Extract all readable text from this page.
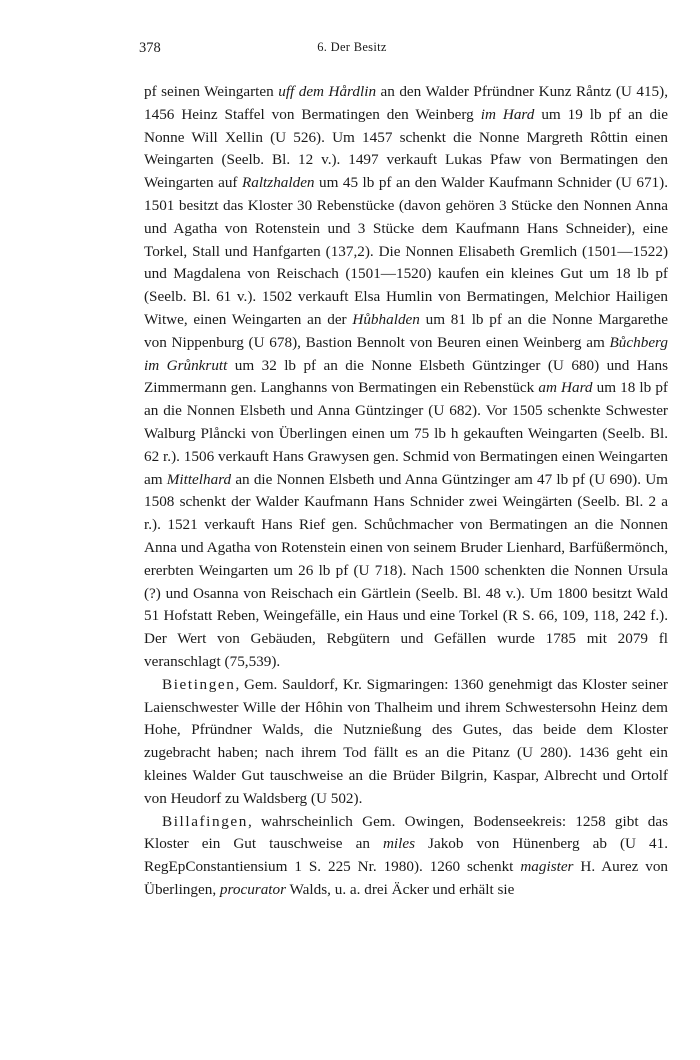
378	6. Der Besitz

pf seinen Weingarten uff dem Hårdlin an den Walder Pfründner Kunz Råntz (U 415), 1456 Heinz Staffel von Bermatingen den Weinberg im Hard um 19 lb pf an die Nonne Will Xellin (U 526). Um 1457 schenkt die Nonne Margreth Rôttin einen Weingarten (Seelb. Bl. 12 v.). 1497 verkauft Lukas Pfaw von Bermatingen den Weingarten auf Raltzhalden um 45 lb pf an den Walder Kaufmann Schnider (U 671). 1501 besitzt das Kloster 30 Rebenstücke (davon gehören 3 Stücke den Nonnen Anna und Agatha von Rotenstein und 3 Stücke dem Kaufmann Hans Schneider), eine Torkel, Stall und Hanfgarten (137,2). Die Nonnen Elisabeth Gremlich (1501—1522) und Magdalena von Reischach (1501—1520) kaufen ein kleines Gut um 18 lb pf (Seelb. Bl. 61 v.). 1502 verkauft Elsa Humlin von Bermatingen, Melchior Hailigen Witwe, einen Weingarten an der Hůbhalden um 81 lb pf an die Nonne Margarethe von Nippenburg (U 678), Bastion Bennolt von Beuren einen Weinberg am Bůchberg im Grůnkrutt um 32 lb pf an die Nonne Elsbeth Güntzinger (U 680) und Hans Zimmermann gen. Langhanns von Bermatingen ein Rebenstück am Hard um 18 lb pf an die Nonnen Elsbeth und Anna Güntzinger (U 682). Vor 1505 schenkte Schwester Walburg Plåncki von Überlingen einen um 75 lb h gekauften Weingarten (Seelb. Bl. 62 r.). 1506 verkauft Hans Grawysen gen. Schmid von Bermatingen einen Weingarten am Mittelhard an die Nonnen Elsbeth und Anna Güntzinger am 47 lb pf (U 690). Um 1508 schenkt der Walder Kaufmann Hans Schnider zwei Weingärten (Seelb. Bl. 2 a r.). 1521 verkauft Hans Rief gen. Schůchmacher von Bermatingen an die Nonnen Anna und Agatha von Rotenstein einen von seinem Bruder Lienhard, Barfüßermönch, ererbten Weingarten um 26 lb pf (U 718). Nach 1500 schenkten die Nonnen Ursula (?) und Osanna von Reischach ein Gärtlein (Seelb. Bl. 48 v.). Um 1800 besitzt Wald 51 Hofstatt Reben, Weingefälle, ein Haus und eine Torkel (R S. 66, 109, 118, 242 f.). Der Wert von Gebäuden, Rebgütern und Gefällen wurde 1785 mit 2079 fl veranschlagt (75,539).

Bietingen, Gem. Sauldorf, Kr. Sigmaringen: 1360 genehmigt das Kloster seiner Laienschwester Wille der Hôhin von Thalheim und ihrem Schwestersohn Heinz dem Hohe, Pfründner Walds, die Nutznießung des Gutes, das beide dem Kloster zugebracht haben; nach ihrem Tod fällt es an die Pitanz (U 280). 1436 geht ein kleines Walder Gut tauschweise an die Brüder Bilgrin, Kaspar, Albrecht und Ortolf von Heudorf zu Waldsberg (U 502).

Billafingen, wahrscheinlich Gem. Owingen, Bodenseekreis: 1258 gibt das Kloster ein Gut tauschweise an miles Jakob von Hünenberg ab (U 41. RegEpConstantiensium 1 S. 225 Nr. 1980). 1260 schenkt magister H. Aurez von Überlingen, procurator Walds, u. a. drei Äcker und erhält sie
